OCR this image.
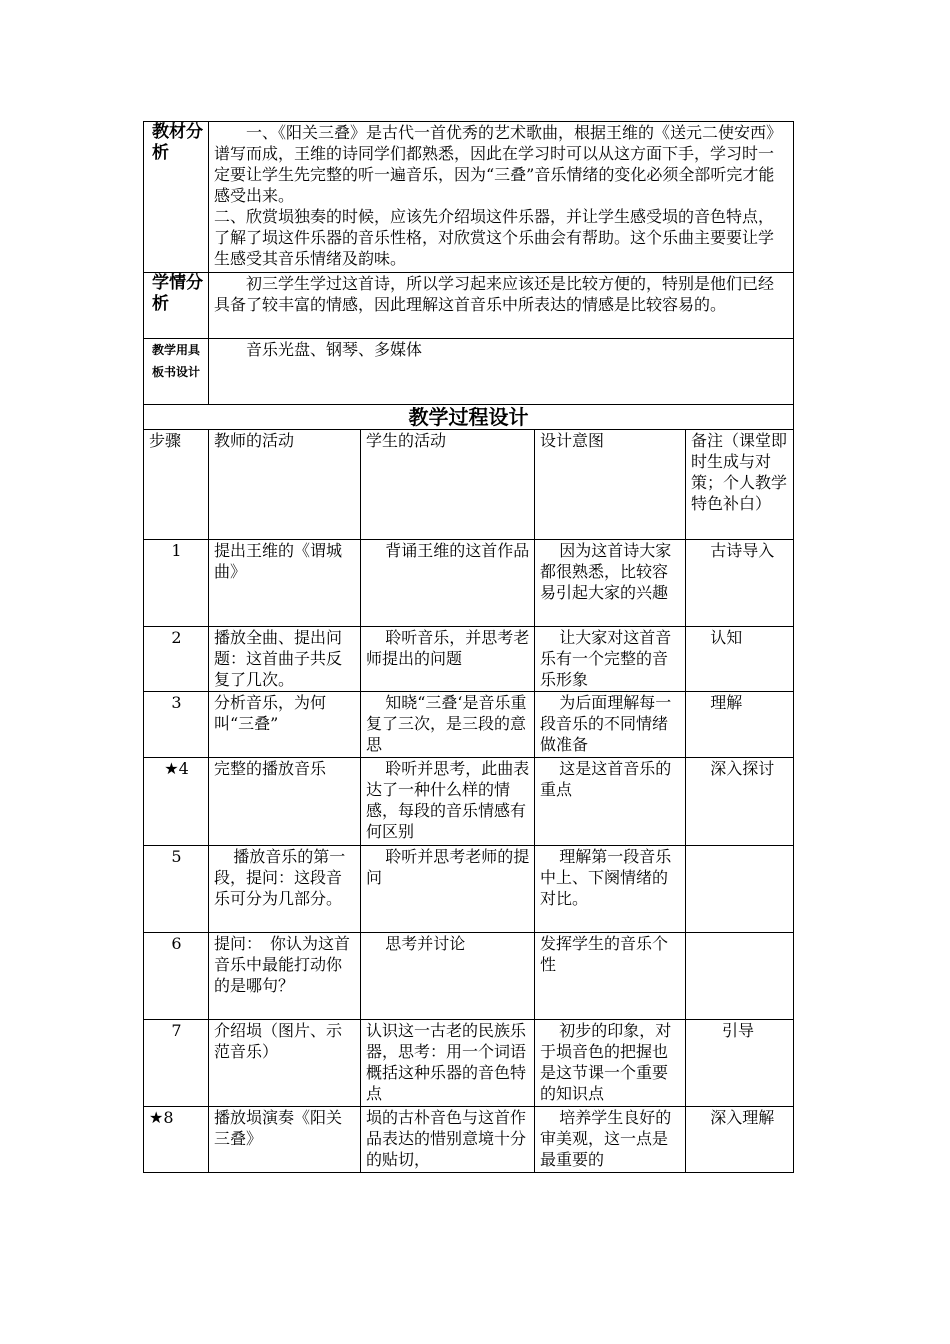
教材分析	一、《阳关三叠》是古代一首优秀的艺术歌曲，根据王维的《送元二使安西》谱写而成，王维的诗同学们都熟悉，因此在学习时可以从这方面下手，学习时一定要让学生先完整的听一遍音乐，因为“三叠”音乐情绪的变化必须全部听完才能感受出来。
二、欣赏埙独奏的时候，应该先介绍埙这件乐器，并让学生感受埙的音色特点，了解了埙这件乐器的音乐性格，对欣赏这个乐曲会有帮助。这个乐曲主要要让学生感受其音乐情绪及韵味。			

学情分析	初三学生学过这首诗，所以学习起来应该还是比较方便的，特别是他们已经具备了较丰富的情感，因此理解这首音乐中所表达的情感是比较容易的。			

教学用具板书设计	音乐光盘、钢琴、多媒体			

教学过程设计				
步骤	教师的活动	学生的活动	设计意图	备注（课堂即时生成与对策；个人教学特色补白）
1	提出王维的《谓城曲》	背诵王维的这首作品	因为这首诗大家都很熟悉，比较容易引起大家的兴趣	古诗导入

2	播放全曲、提出问题：这首曲子共反复了几次。	聆听音乐，并思考老师提出的问题	让大家对这首音乐有一个完整的音乐形象	认知

3	分析音乐，为何叫“三叠”	知晓“三叠‘是音乐重复了三次，是三段的意思	为后面理解每一段音乐的不同情绪做准备	理解

★4	完整的播放音乐	聆听并思考，此曲表达了一种什么样的情感，每段的音乐情感有何区别	这是这首音乐的重点	深入探讨

5	播放音乐的第一段，提问：这段音乐可分为几部分。	聆听并思考老师的提问	理解第一段音乐中上、下阕情绪的对比。	

6	提问：　你认为这首音乐中最能打动你的是哪句？	思考并讨论	发挥学生的音乐个性	

7	介绍埙（图片、示范音乐）	认识这一古老的民族乐器，思考：用一个词语概括这种乐器的音色特点	初步的印象，对于埙音色的把握也是这节课一个重要的知识点	引导
★8	播放埙演奏《阳关三叠》	埙的古朴音色与这首作品表达的惜别意境十分的贴切，	培养学生良好的审美观，这一点是最重要的	深入理解
